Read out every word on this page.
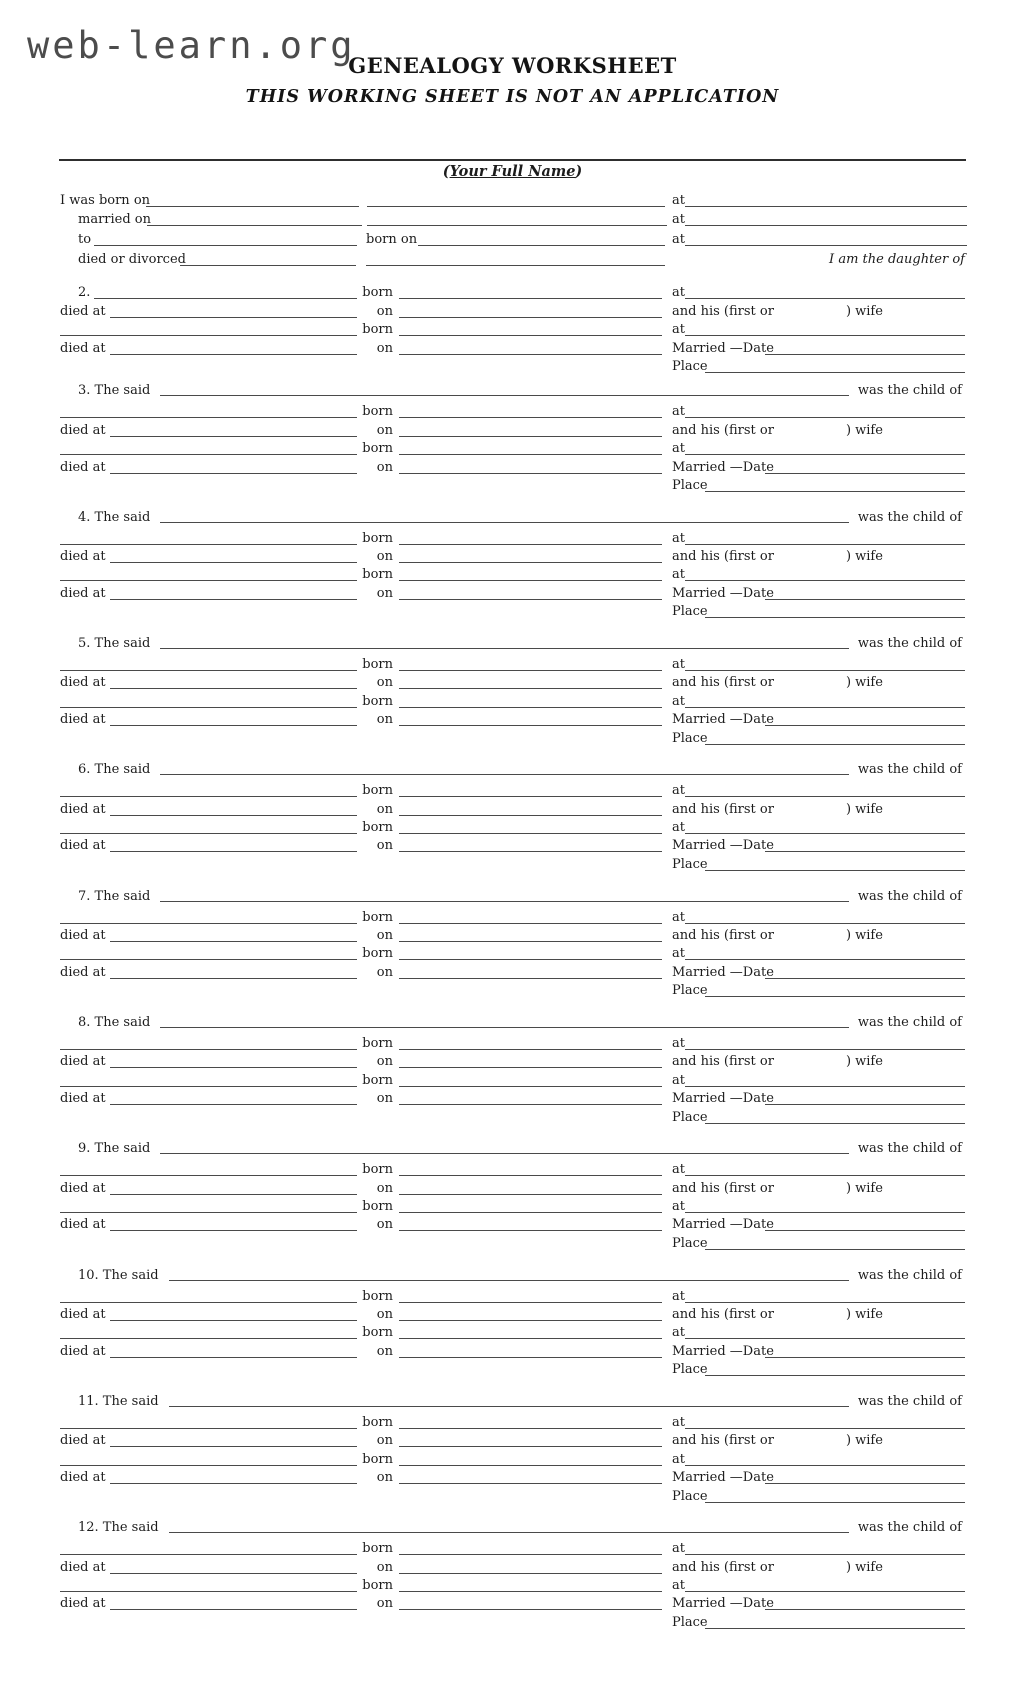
web-learn.org
GENEALOGY WORKSHEET
THIS WORKING SHEET IS NOT AN APPLICATION
(Your Full Name)
I was born on	at
married on	at
to	born on	at
died or divorced	I am the daughter of
2.	born	at
died at	on	and his (first or	) wife
born	at
died at	on	Married —Date
Place
3. The said	was the child of
born	at
died at	on	and his (first or	) wife
born	at
died at	on	Married —Date
Place
4. The said	was the child of
born	at
died at	on	and his (first or	) wife
born	at
died at	on	Married —Date
Place
5. The said	was the child of
born	at
died at	on	and his (first or	) wife
born	at
died at	on	Married —Date
Place
6. The said	was the child of
born	at
died at	on	and his (first or	) wife
born	at
died at	on	Married —Date
Place
7. The said	was the child of
born	at
died at	on	and his (first or	) wife
born	at
died at	on	Married —Date
Place
8. The said	was the child of
born	at
died at	on	and his (first or	) wife
born	at
died at	on	Married —Date
Place
9. The said	was the child of
born	at
died at	on	and his (first or	) wife
born	at
died at	on	Married —Date
Place
10. The said	was the child of
born	at
died at	on	and his (first or	) wife
born	at
died at	on	Married —Date
Place
11. The said	was the child of
born	at
died at	on	and his (first or	) wife
born	at
died at	on	Married —Date
Place
12. The said	was the child of
born	at
died at	on	and his (first or	) wife
born	at
died at	on	Married —Date
Place
